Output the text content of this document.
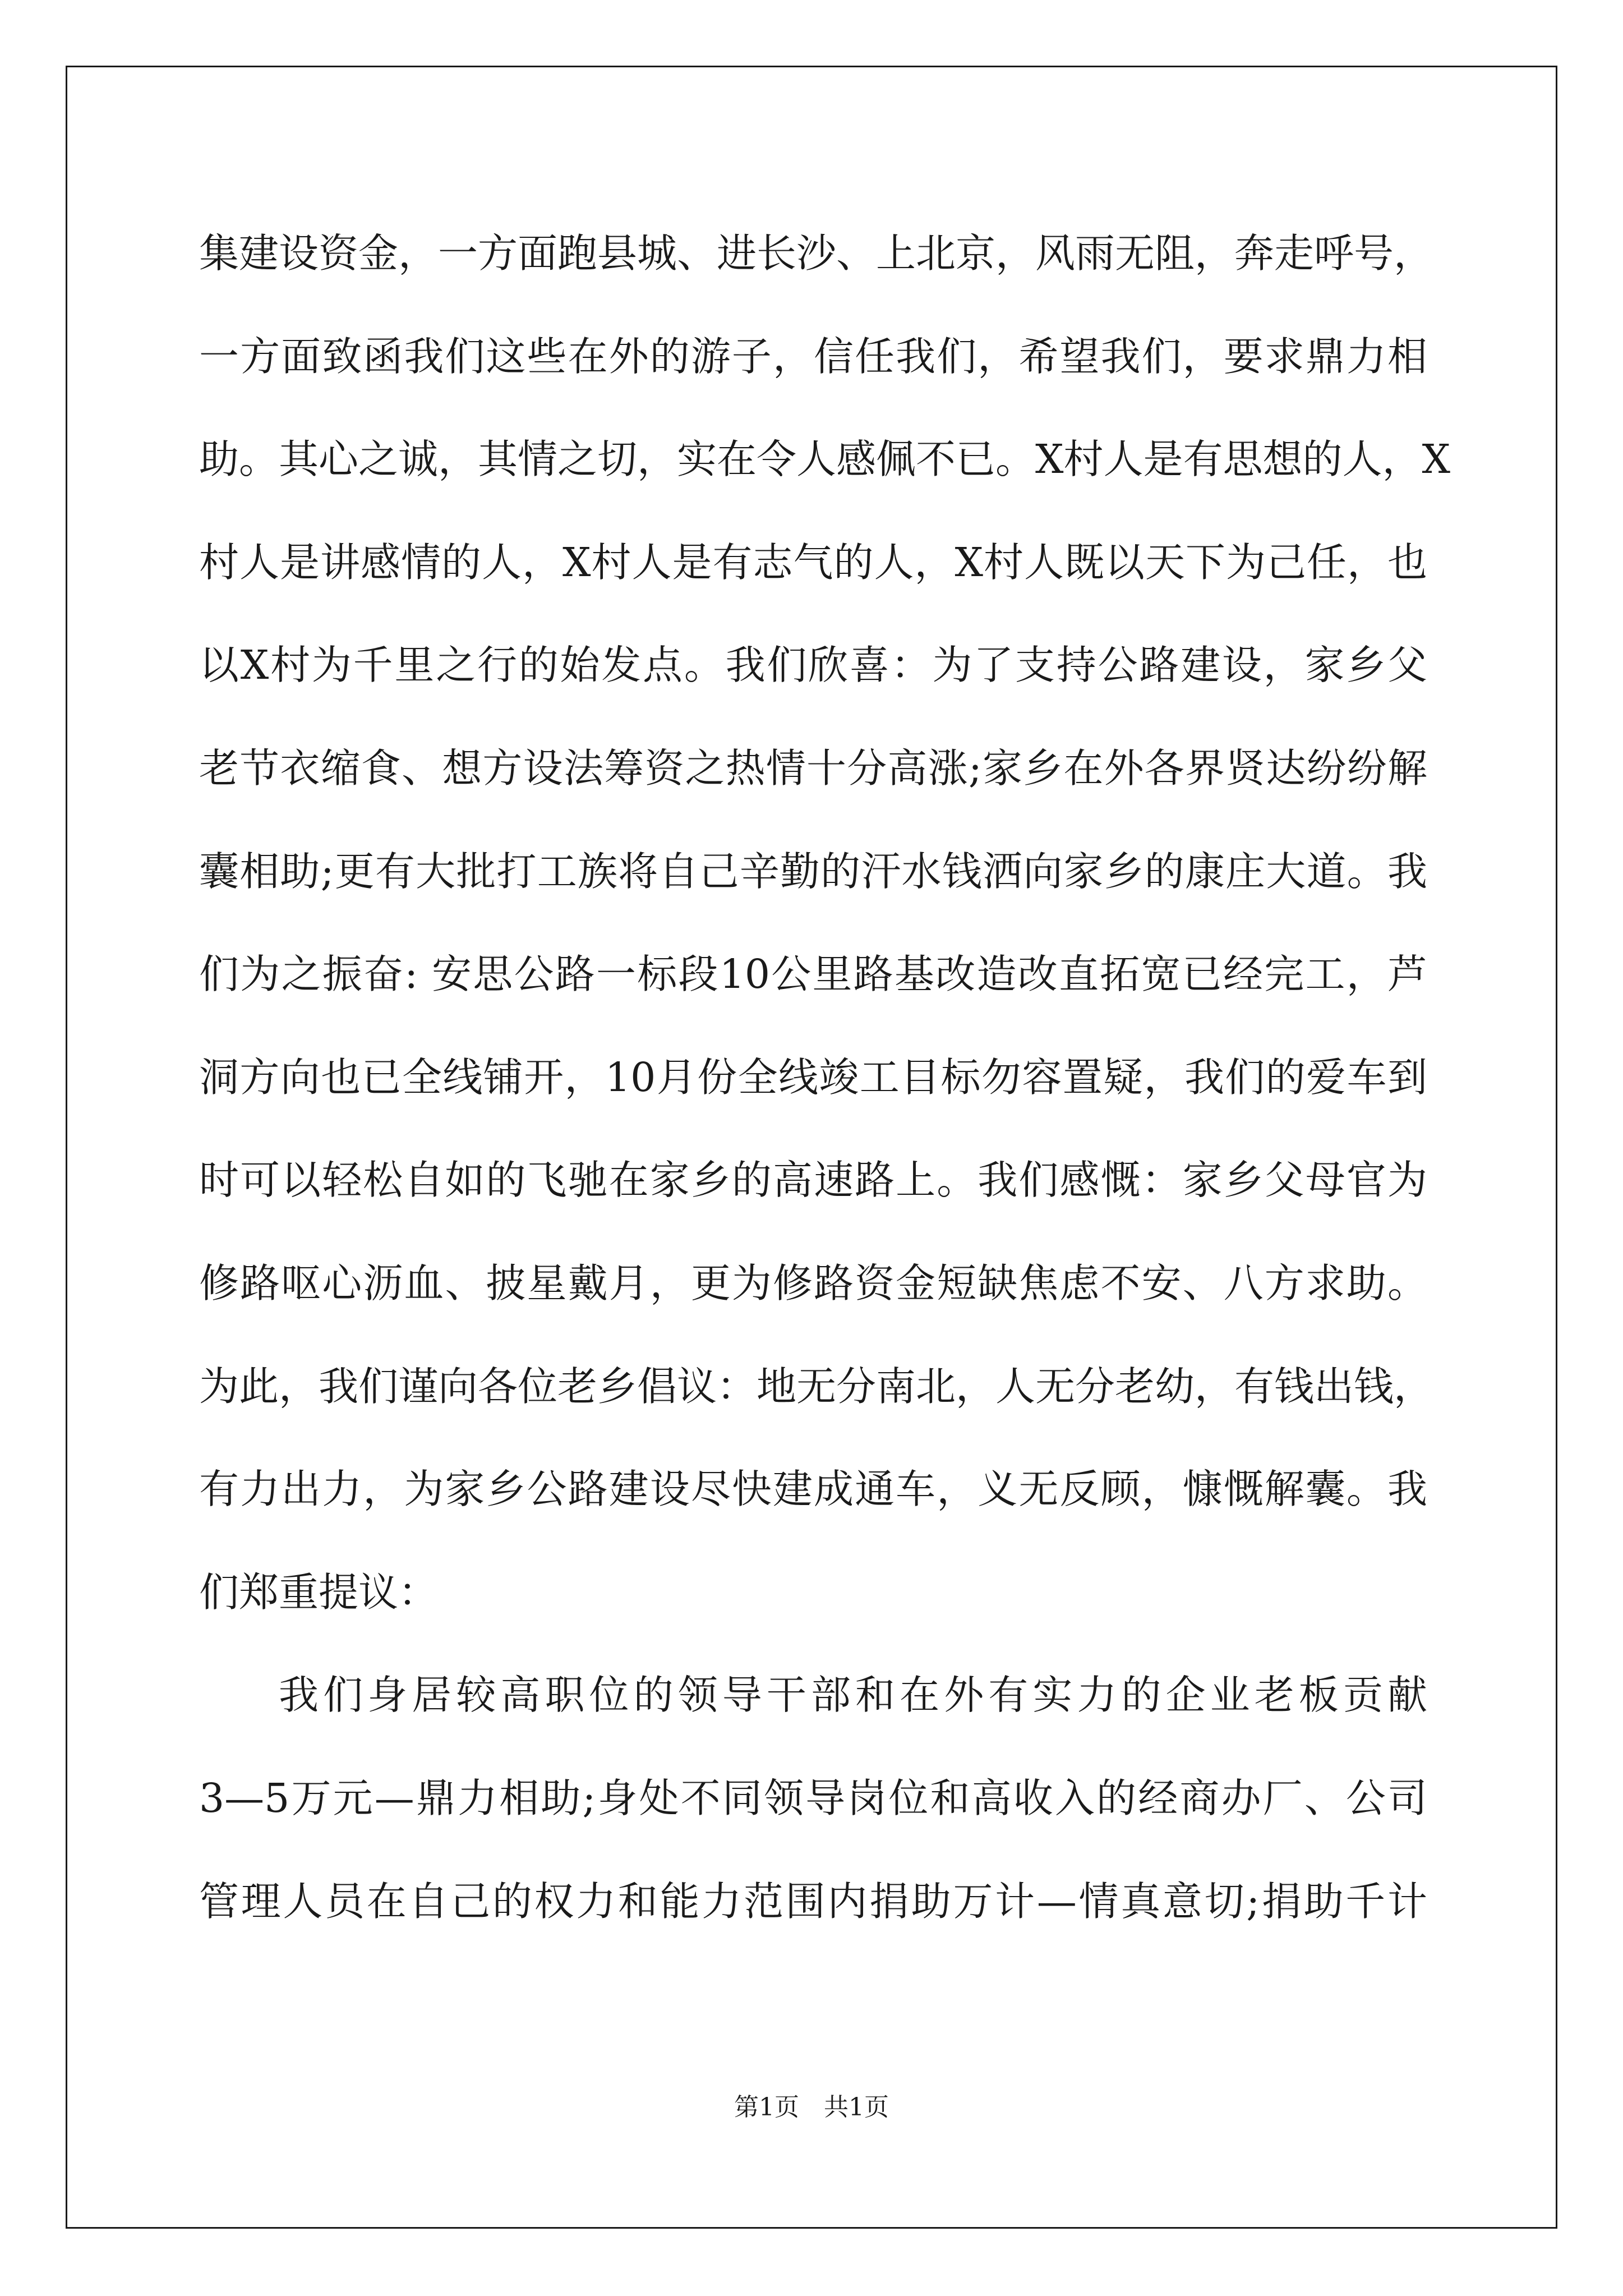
集建设资金，一方面跑县城、进长沙、上北京，风雨无阻，奔走呼号，
一方面致函我们这些在外的游子，信任我们，希望我们，要求鼎力相
助。其心之诚，其情之切，实在令人感佩不已。X村人是有思想的人，X
村人是讲感情的人，X村人是有志气的人，X村人既以天下为己任，也
以X村为千里之行的始发点。我们欣喜：为了支持公路建设，家乡父
老节衣缩食、想方设法筹资之热情十分高涨;家乡在外各界贤达纷纷解
囊相助;更有大批打工族将自己辛勤的汗水钱洒向家乡的康庄大道。我
们为之振奋: 安思公路一标段10公里路基改造改直拓宽已经完工，芦
洞方向也已全线铺开，10月份全线竣工目标勿容置疑，我们的爱车到
时可以轻松自如的飞驰在家乡的高速路上。我们感慨：家乡父母官为
修路呕心沥血、披星戴月，更为修路资金短缺焦虑不安、八方求助。
为此，我们谨向各位老乡倡议：地无分南北，人无分老幼，有钱出钱，
有力出力，为家乡公路建设尽快建成通车，义无反顾，慷慨解囊。我
们郑重提议：
我们身居较高职位的领导干部和在外有实力的企业老板贡献
3—5万元—鼎力相助;身处不同领导岗位和高收入的经商办厂、公司
管理人员在自己的权力和能力范围内捐助万计—情真意切;捐助千计
第1页　共1页
